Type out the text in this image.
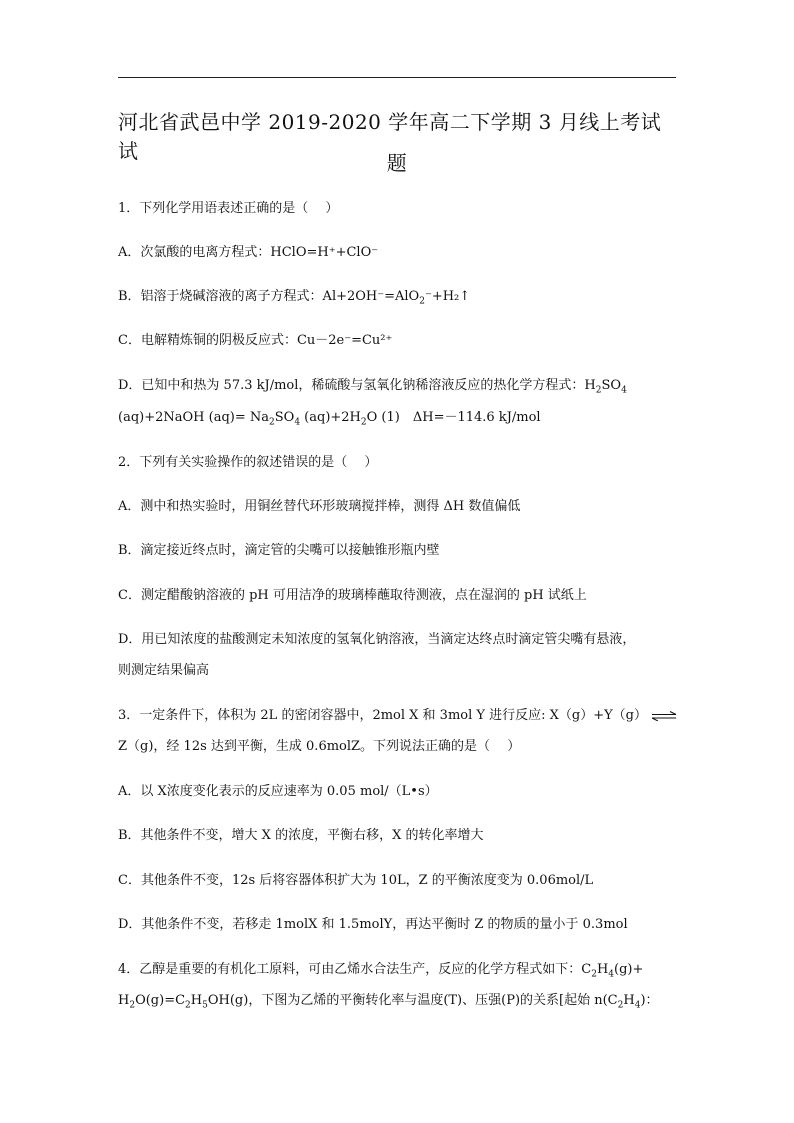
河北省武邑中学 2019-2020 学年高二下学期 3 月线上考试试	题
1．下列化学用语表述正确的是（　 ）
A．次氯酸的电离方程式：HClO=H⁺+ClO⁻
B．铝溶于烧碱溶液的离子方程式：Al+2OH⁻=AlO$_2$⁻+H₂↑
C．电解精炼铜的阴极反应式：Cu－2e⁻=Cu²⁺
D．已知中和热为 57.3 kJ/mol，稀硫酸与氢氧化钠稀溶液反应的热化学方程式：$H_2SO_4$
(aq)+2NaOH $(aq)= Na_2SO_4$ $(aq)+2H_2O$ (1)　ΔH=－114.6 kJ/mol
2．下列有关实验操作的叙述错误的是（　 ）
A．测中和热实验时，用铜丝替代环形玻璃搅拌棒，测得 ΔH 数值偏低
B．滴定接近终点时，滴定管的尖嘴可以接触锥形瓶内壁
C．测定醋酸钠溶液的 pH 可用洁净的玻璃棒蘸取待测液，点在湿润的 pH 试纸上
D．用已知浓度的盐酸测定未知浓度的氢氧化钠溶液，当滴定达终点时滴定管尖嘴有悬液，
则测定结果偏高
3．一定条件下，体积为 2L 的密闭容器中，2mol X 和 3mol Y 进行反应: X（g）+Y（g） ⇌
Z（g)，经 12s 达到平衡，生成 0.6molZ。下列说法正确的是（　 ）
A．以 X浓度变化表示的反应速率为 0.05 mol/（L•s）
B．其他条件不变，增大 X 的浓度，平衡右移，X 的转化率增大
C．其他条件不变，12s 后将容器体积扩大为 10L，Z 的平衡浓度变为 0.06mol/L
D．其他条件不变，若移走 1molX 和 1.5molY，再达平衡时 Z 的物质的量小于 0.3mol
4．乙醇是重要的有机化工原料，可由乙烯水合法生产，反应的化学方程式如下：$C_2H_4(g)+$
$H_2O(g)=C_2H_5OH(g)$，下图为乙烯的平衡转化率与温度(T)、压强(P)的关系[起始 $n(C_2H_4)$：
